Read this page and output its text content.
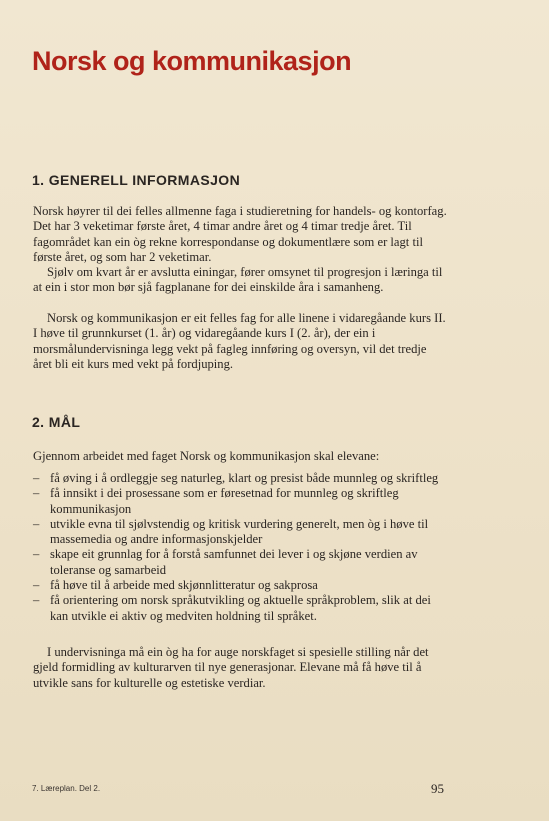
Norsk og kommunikasjon
1. GENERELL INFORMASJON

Norsk høyrer til dei felles allmenne faga i studieretning for handels- og kontorfag. Det har 3 veketimar første året, 4 timar andre året og 4 timar tredje året. Til fagområdet kan ein òg rekne korrespondanse og dokumentlære som er lagt til første året, og som har 2 veketimar.

Sjølv om kvart år er avslutta einingar, fører omsynet til progresjon i læringa til at ein i stor mon bør sjå fagplanane for dei einskilde åra i samanheng.

Norsk og kommunikasjon er eit felles fag for alle linene i vidaregåande kurs II. I høve til grunnkurset (1. år) og vidaregåande kurs I (2. år), der ein i morsmålundervisninga legg vekt på fagleg innføring og oversyn, vil det tredje året bli eit kurs med vekt på fordjuping.

2. MÅL

Gjennom arbeidet med faget Norsk og kommunikasjon skal elevane:

– få øving i å ordleggje seg naturleg, klart og presist både munnleg og skriftleg
– få innsikt i dei prosessane som er føresetnad for munnleg og skriftleg kommunikasjon
– utvikle evna til sjølvstendig og kritisk vurdering generelt, men òg i høve til massemedia og andre informasjonskjelder
– skape eit grunnlag for å forstå samfunnet dei lever i og skjøne verdien av toleranse og samarbeid
– få høve til å arbeide med skjønnlitteratur og sakprosa
– få orientering om norsk språkutvikling og aktuelle språkproblem, slik at dei kan utvikle ei aktiv og medviten holdning til språket.

I undervisninga må ein òg ha for auge norskfaget si spesielle stilling når det gjeld formidling av kulturarven til nye generasjonar. Elevane må få høve til å utvikle sans for kulturelle og estetiske verdiar.

7. Læreplan. Del 2.	95
